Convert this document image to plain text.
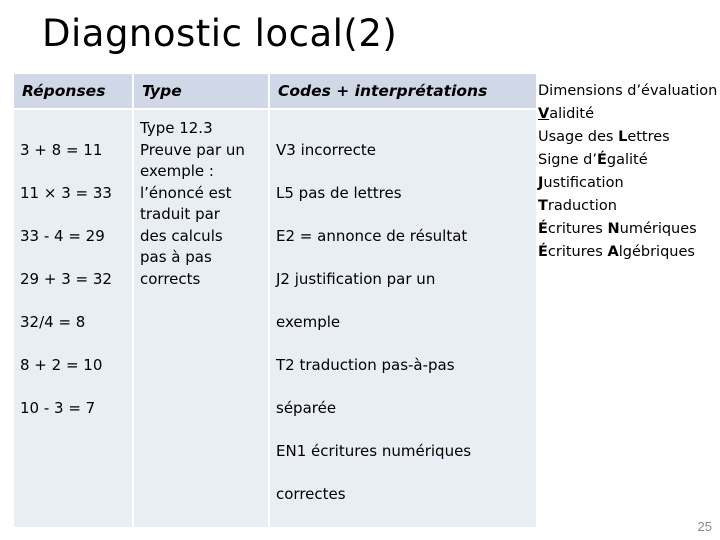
Diagnostic local(2)
Réponses	Type	Codes + interprétations

3 + 8 = 11

11 × 3 = 33

33 - 4 = 29

29 + 3 = 32

32/4 = 8

8 + 2 = 10

10 - 3 = 7

Type 12.3
Preuve par un
exemple :
l’énoncé est
traduit par
des calculs
pas à pas
corrects

V3 incorrecte

L5 pas de lettres

E2 = annonce de résultat

J2 justification par un

exemple

T2 traduction pas-à-pas

séparée

EN1 écritures numériques

correctes

Dimensions d’évaluation
Validité
Usage des Lettres
Signe d’Égalité
Justification
Traduction
Écritures Numériques
Écritures Algébriques
25
